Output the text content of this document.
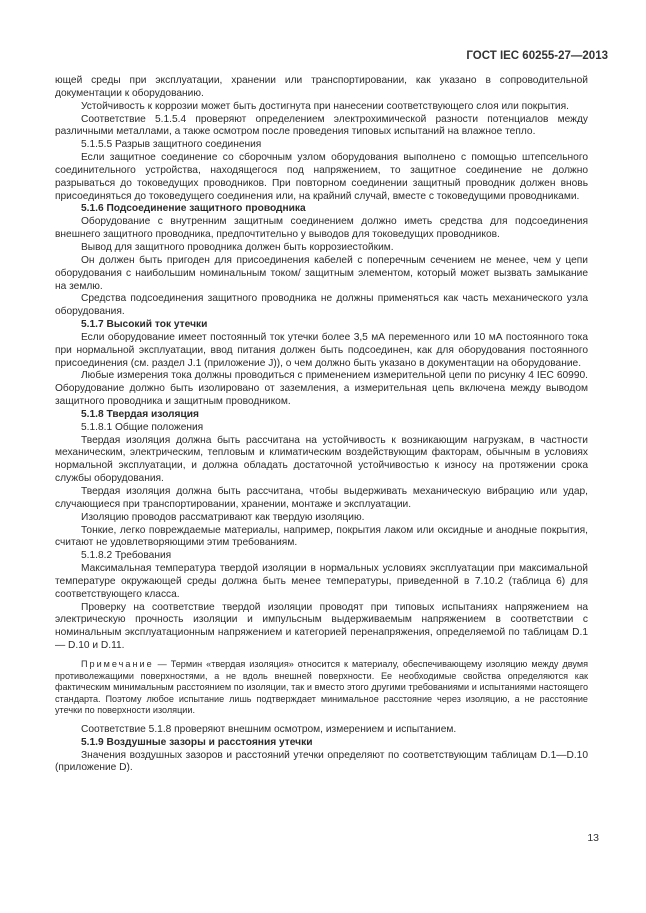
ГОСТ IEC 60255-27—2013

ющей среды при эксплуатации, хранении или транспортировании, как указано в сопроводительной документации к оборудованию.

Устойчивость к коррозии может быть достигнута при нанесении соответствующего слоя или покрытия.

Соответствие 5.1.5.4 проверяют определением электрохимической разности потенциалов между различными металлами, а также осмотром после проведения типовых испытаний на влажное тепло.

5.1.5.5 Разрыв защитного соединения

Если защитное соединение со сборочным узлом оборудования выполнено с помощью штепсельного соединительного устройства, находящегося под напряжением, то защитное соединение не должно разрываться до токоведущих проводников. При повторном соединении защитный проводник должен вновь присоединяться до токоведущего соединения или, на крайний случай, вместе с токоведущими проводниками.

5.1.6 Подсоединение защитного проводника

Оборудование с внутренним защитным соединением должно иметь средства для подсоединения внешнего защитного проводника, предпочтительно у выводов для токоведущих проводников.

Вывод для защитного проводника должен быть коррозиестойким.

Он должен быть пригоден для присоединения кабелей с поперечным сечением не менее, чем у цепи оборудования с наибольшим номинальным током/ защитным элементом, который может вызвать замыкание на землю.

Средства подсоединения защитного проводника не должны применяться как часть механического узла оборудования.

5.1.7 Высокий ток утечки

Если оборудование имеет постоянный ток утечки более 3,5 мА переменного или 10 мА постоянного тока при нормальной эксплуатации, ввод питания должен быть подсоединен, как для оборудования постоянного присоединения (см. раздел J.1 (приложение J)), о чем должно быть указано в документации на оборудование.

Любые измерения тока должны проводиться с применением измерительной цепи по рисунку 4 IEC 60990. Оборудование должно быть изолировано от заземления, а измерительная цепь включена между выводом защитного проводника и защитным проводником.

5.1.8 Твердая изоляция

5.1.8.1 Общие положения

Твердая изоляция должна быть рассчитана на устойчивость к возникающим нагрузкам, в частности механическим, электрическим, тепловым и климатическим воздействующим факторам, обычным в условиях нормальной эксплуатации, и должна обладать достаточной устойчивостью к износу на протяжении срока службы оборудования.

Твердая изоляция должна быть рассчитана, чтобы выдерживать механическую вибрацию или удар, случающиеся при транспортировании, хранении, монтаже и эксплуатации.

Изоляцию проводов рассматривают как твердую изоляцию.

Тонкие, легко повреждаемые материалы, например, покрытия лаком или оксидные и анодные покрытия, считают не удовлетворяющими этим требованиям.

5.1.8.2 Требования

Максимальная температура твердой изоляции в нормальных условиях эксплуатации при максимальной температуре окружающей среды должна быть менее температуры, приведенной в 7.10.2 (таблица 6) для соответствующего класса.

Проверку на соответствие твердой изоляции проводят при типовых испытаниях напряжением на электрическую прочность изоляции и импульсным выдерживаемым напряжением в соответствии с номинальным эксплуатационным напряжением и категорией перенапряжения, определяемой по таблицам D.1— D.10 и D.11.

Примечание — Термин «твердая изоляция» относится к материалу, обеспечивающему изоляцию между двумя противолежащими поверхностями, а не вдоль внешней поверхности. Ее необходимые свойства определяются как фактическим минимальным расстоянием по изоляции, так и вместо этого другими требованиями и испытаниями настоящего стандарта. Поэтому любое испытание лишь подтверждает минимальное расстояние через изоляцию, а не расстояние утечки по поверхности изоляции.

Соответствие 5.1.8 проверяют внешним осмотром, измерением и испытанием.

5.1.9 Воздушные зазоры и расстояния утечки

Значения воздушных зазоров и расстояний утечки определяют по соответствующим таблицам D.1—D.10 (приложение D).

13
